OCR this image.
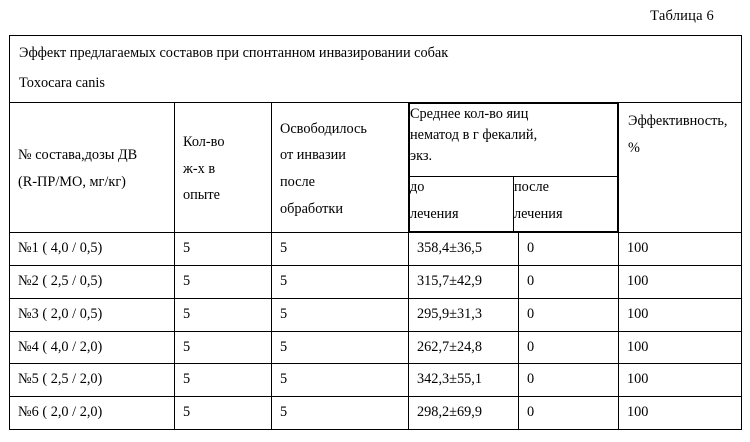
Таблица 6
Эффект предлагаемых составов при спонтанном инвазировании собак
Toxocara canis

№ состава,дозы ДВ
(R-ПР/МО, мг/кг)

Кол-во
ж-х в
опыте

Освободилось
от инвазии
после
обработки

Среднее кол-во яиц
нематод в г фекалий,
экз.

до
лечения

после
лечения

Эффективность,
%

№1 ( 4,0 / 0,5)	5	5	358,4±36,5	0	100
№2 ( 2,5 / 0,5)	5	5	315,7±42,9	0	100
№3 ( 2,0 / 0,5)	5	5	295,9±31,3	0	100
№4 ( 4,0 / 2,0)	5	5	262,7±24,8	0	100
№5 ( 2,5 / 2,0)	5	5	342,3±55,1	0	100
№6 ( 2,0 / 2,0)	5	5	298,2±69,9	0	100
